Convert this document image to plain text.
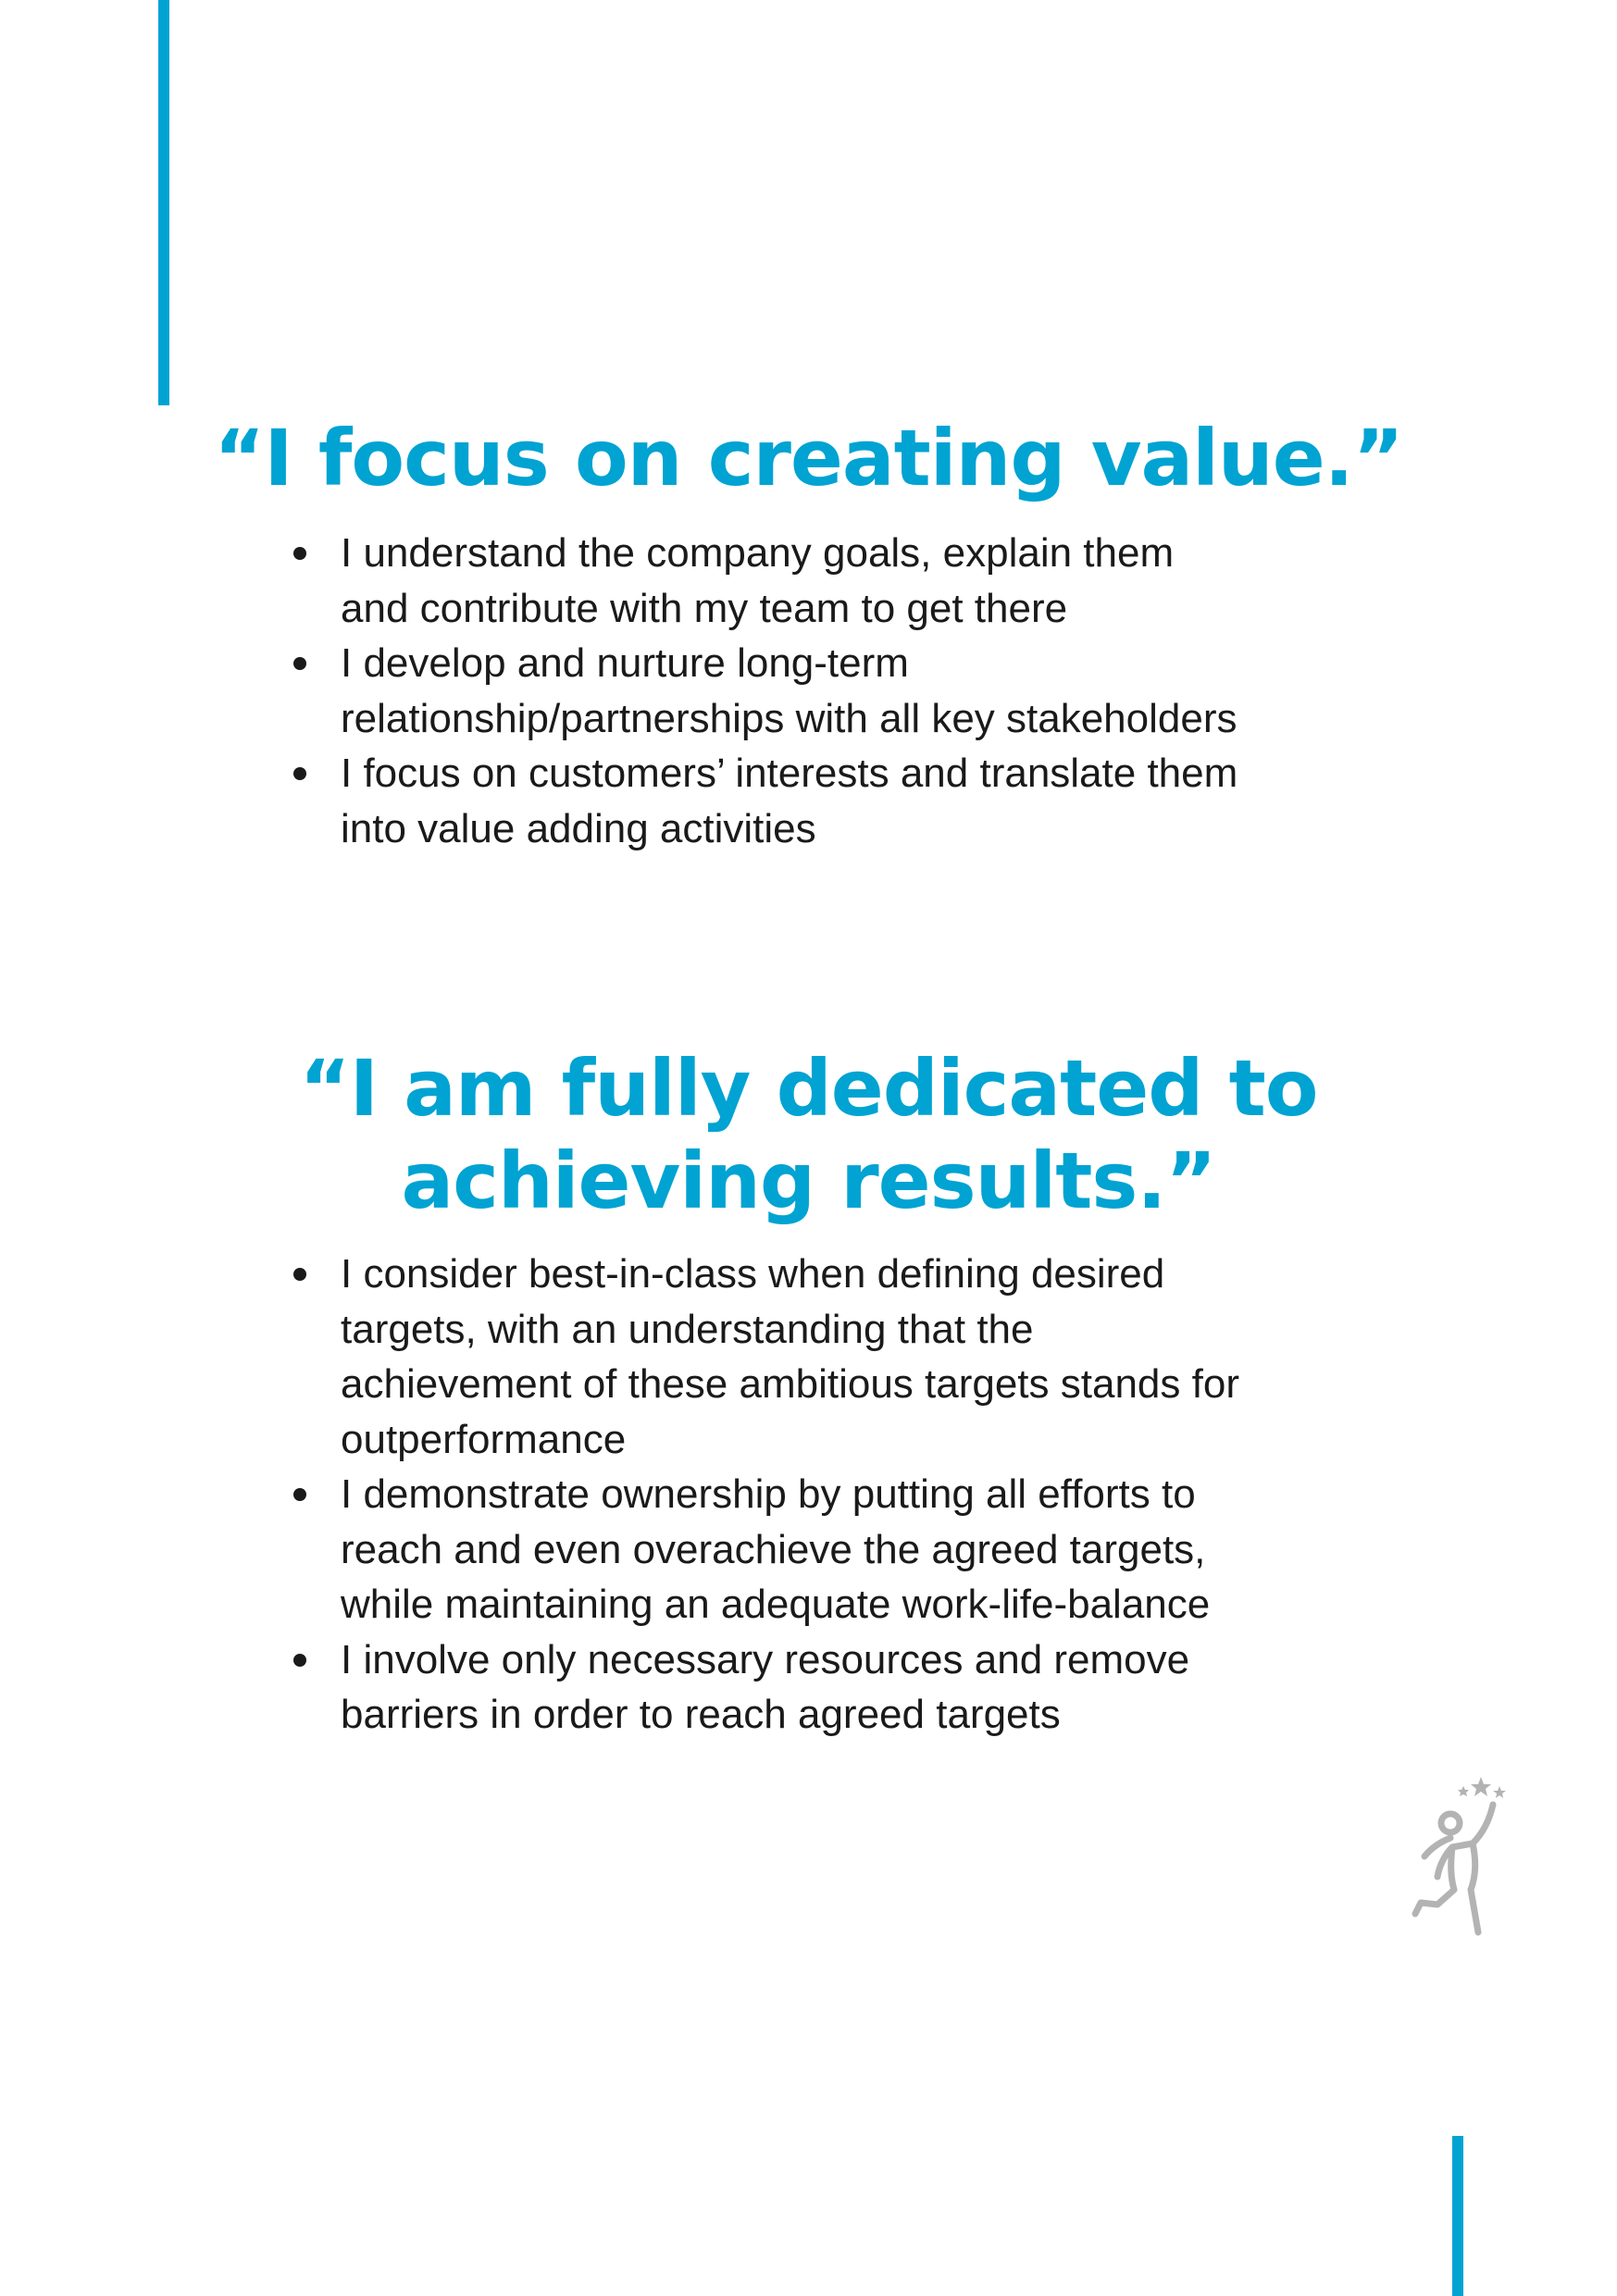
“I focus on creating value.”
I understand the company goals, explain them
and contribute with my team to get there
I develop and nurture long-term
relationship/partnerships with all key stakeholders
I focus on customers’ interests and translate them
into value adding activities
“I am fully dedicated to
achieving results.”
I consider best-in-class when defining desired
targets, with an understanding that the
achievement of these ambitious targets stands for
outperformance
I demonstrate ownership by putting all efforts to
reach and even overachieve the agreed targets,
while maintaining an adequate work-life-balance
I involve only necessary resources and remove
barriers in order to reach agreed targets
